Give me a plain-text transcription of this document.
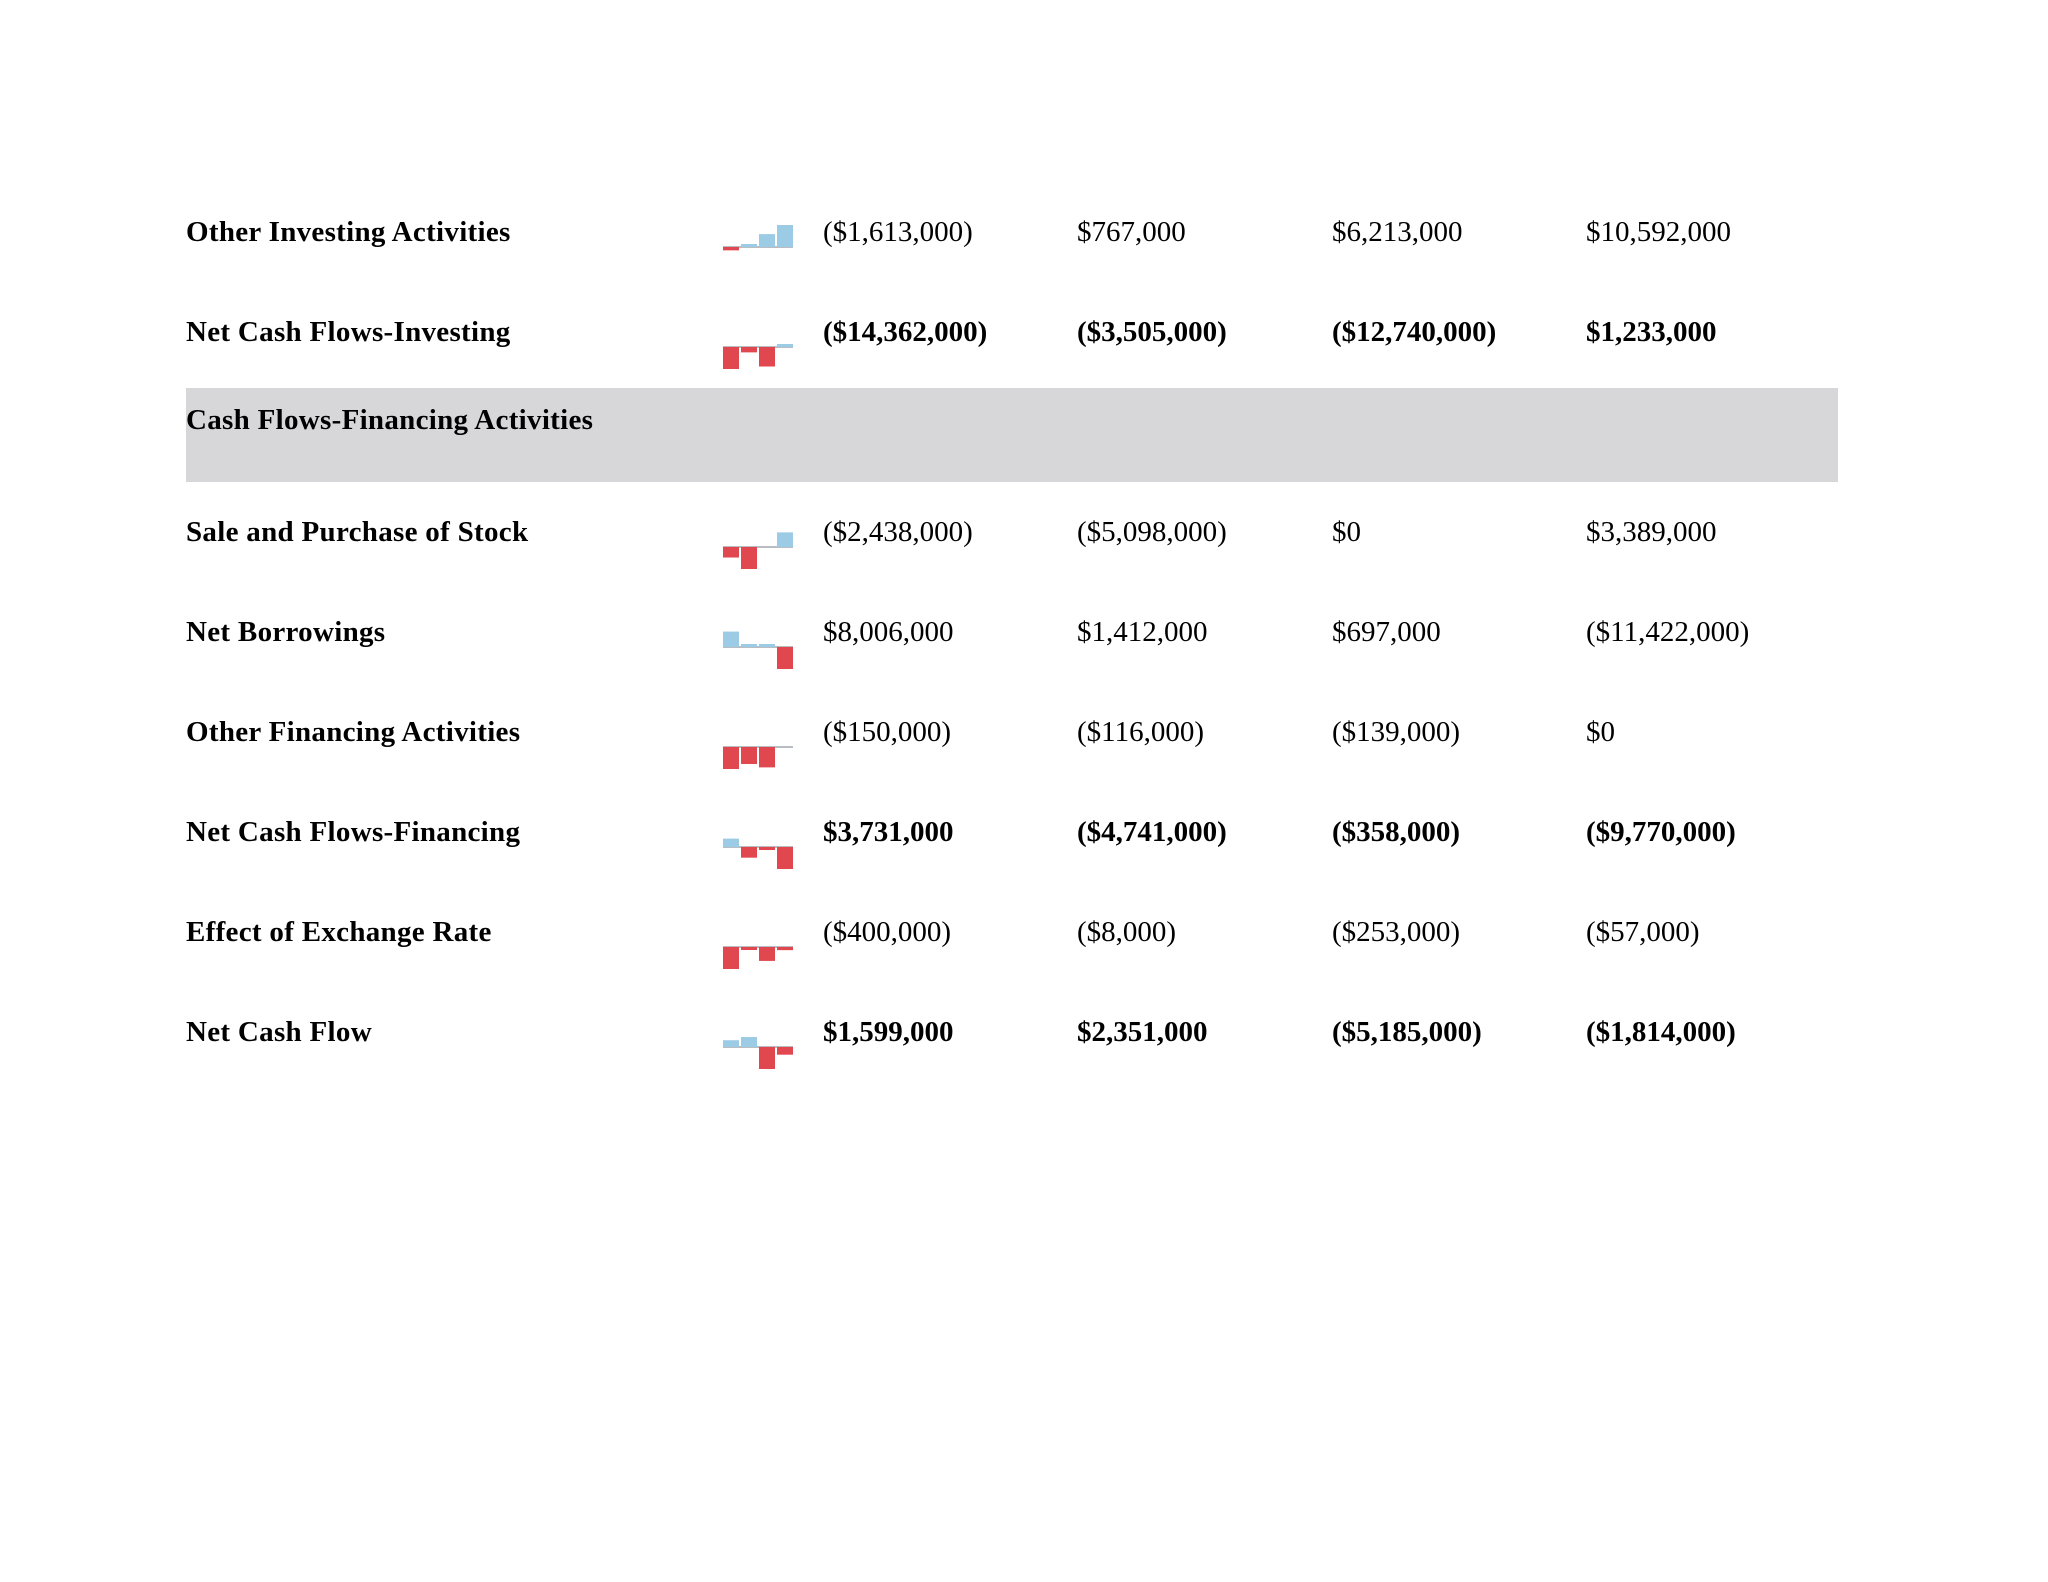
Other Investing Activities	($1,613,000)	$767,000	$6,213,000	$10,592,000
Net Cash Flows-Investing	($14,362,000)	($3,505,000)	($12,740,000)	$1,233,000
Cash Flows-Financing Activities
Sale and Purchase of Stock	($2,438,000)	($5,098,000)	$0	$3,389,000
Net Borrowings	$8,006,000	$1,412,000	$697,000	($11,422,000)
Other Financing Activities	($150,000)	($116,000)	($139,000)	$0
Net Cash Flows-Financing	$3,731,000	($4,741,000)	($358,000)	($9,770,000)
Effect of Exchange Rate	($400,000)	($8,000)	($253,000)	($57,000)
Net Cash Flow	$1,599,000	$2,351,000	($5,185,000)	($1,814,000)
